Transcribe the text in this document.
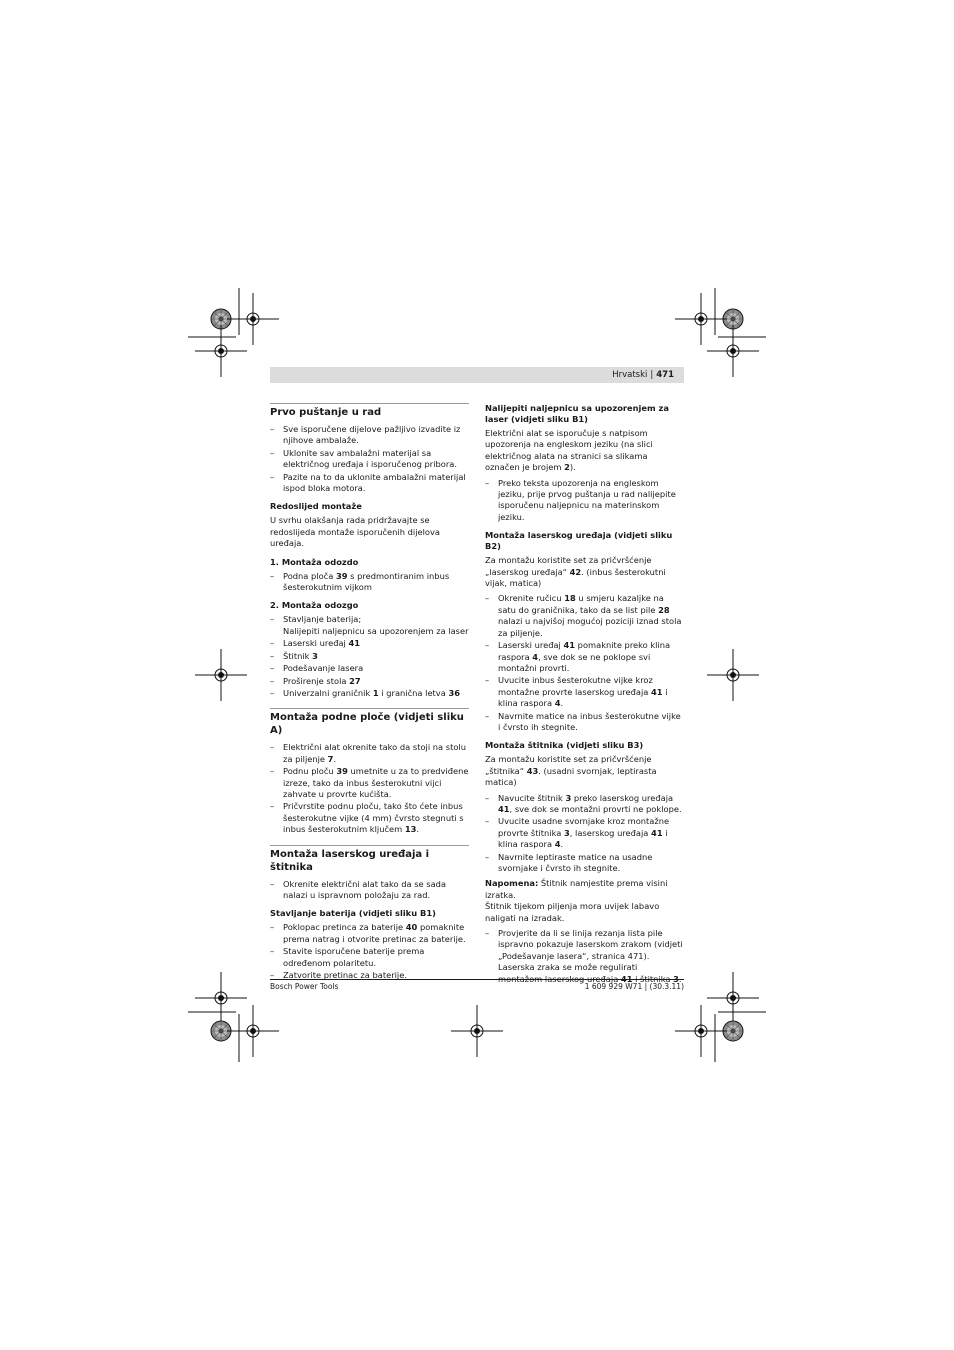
Hrvatski | 471
Prvo puštanje u rad
– Sve isporučene dijelove pažljivo izvadite iz njihove ambalaže.
– Uklonite sav ambalažni materijal sa električnog uređaja i isporučenog pribora.
– Pazite na to da uklonite ambalažni materijal ispod bloka motora.
Redoslijed montaže
U svrhu olakšanja rada pridržavajte se redoslijeda montaže isporučenih dijelova uređaja.
1. Montaža odozdo
– Podna ploča 39 s predmontiranim inbus šesterokutnim vijkom
2. Montaža odozgo
– Stavljanje baterija;
Nalijepiti naljepnicu sa upozorenjem za laser
– Laserski uređaj 41
– Štitnik 3
– Podešavanje lasera
– Proširenje stola 27
– Univerzalni graničnik 1 i granična letva 36
Montaža podne ploče (vidjeti sliku A)
– Električni alat okrenite tako da stoji na stolu za piljenje 7.
– Podnu ploču 39 umetnite u za to predviđene izreze, tako da inbus šesterokutni vijci zahvate u provrte kućišta.
– Pričvrstite podnu ploču, tako što ćete inbus šesterokutne vijke (4 mm) čvrsto stegnuti s inbus šesterokutnim ključem 13.
Montaža laserskog uređaja i štitnika
– Okrenite električni alat tako da se sada nalazi u ispravnom položaju za rad.
Stavljanje baterija (vidjeti sliku B1)
– Poklopac pretinca za baterije 40 pomaknite prema natrag i otvorite pretinac za baterije.
– Stavite isporučene baterije prema određenom polaritetu.
– Zatvorite pretinac za baterije.
Nalijepiti naljepnicu sa upozorenjem za laser (vidjeti sliku B1)
Električni alat se isporučuje s natpisom upozorenja na engleskom jeziku (na slici električnog alata na stranici sa slikama označen je brojem 2).
– Preko teksta upozorenja na engleskom jeziku, prije prvog puštanja u rad nalijepite isporučenu naljepnicu na materinskom jeziku.
Montaža laserskog uređaja (vidjeti sliku B2)
Za montažu koristite set za pričvršćenje „laserskog uređaja“ 42. (inbus šesterokutni vijak, matica)
– Okrenite ručicu 18 u smjeru kazaljke na satu do graničnika, tako da se list pile 28 nalazi u najvišoj mogućoj poziciji iznad stola za piljenje.
– Laserski uređaj 41 pomaknite preko klina raspora 4, sve dok se ne poklope svi montažni provrti.
– Uvucite inbus šesterokutne vijke kroz montažne provrte laserskog uređaja 41 i klina raspora 4.
– Navrnite matice na inbus šesterokutne vijke i čvrsto ih stegnite.
Montaža štitnika (vidjeti sliku B3)
Za montažu koristite set za pričvršćenje „štitnika“ 43. (usadni svornjak, leptirasta matica)
– Navucite štitnik 3 preko laserskog uređaja 41, sve dok se montažni provrti ne poklope.
– Uvucite usadne svornjake kroz montažne provrte štitnika 3, laserskog uređaja 41 i klina raspora 4.
– Navrnite leptiraste matice na usadne svornjake i čvrsto ih stegnite.
Napomena: Štitnik namjestite prema visini izratka.
Štitnik tijekom piljenja mora uvijek labavo naligati na izradak.
– Provjerite da li se linija rezanja lista pile ispravno pokazuje laserskom zrakom (vidjeti „Podešavanje lasera“, stranica 471).
Laserska zraka se može regulirati montažom laserskog uređaja 41 i štitnika 3.
Bosch Power Tools	1 609 929 W71 | (30.3.11)
